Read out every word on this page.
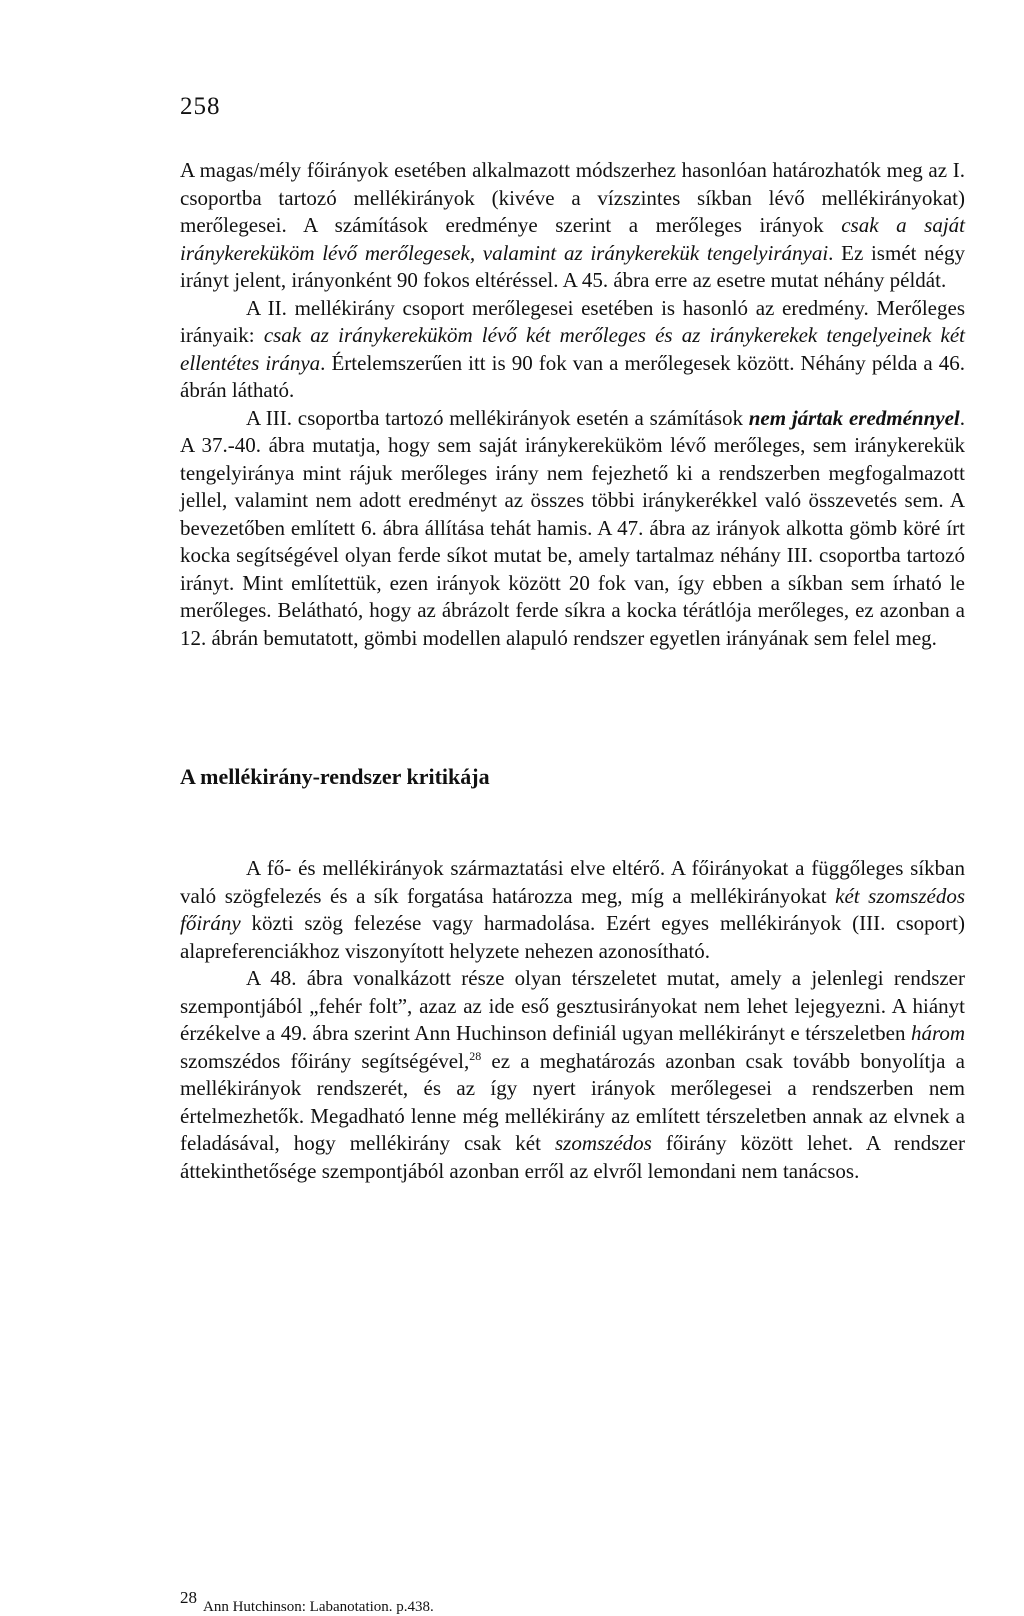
258

A magas/mély főirányok esetében alkalmazott módszerhez hasonlóan határozhatók meg az I. csoportba tartozó mellékirányok (kivéve a vízszintes síkban lévő mellékirányokat) merőlegesei. A számítások eredménye szerint a merőleges irányok csak a saját iránykereküköm lévő merőlegesek, valamint az iránykerekük tengelyirányai. Ez ismét négy irányt jelent, irányonként 90 fokos eltéréssel. A 45. ábra erre az esetre mutat néhány példát.

A II. mellékirány csoport merőlegesei esetében is hasonló az eredmény. Merőleges irányaik: csak az iránykereküköm lévő két merőleges és az iránykerekek tengelyeinek két ellentétes iránya. Értelemszerűen itt is 90 fok van a merőlegesek között. Néhány példa a 46. ábrán látható.

A III. csoportba tartozó mellékirányok esetén a számítások nem jártak eredménnyel. A 37.-40. ábra mutatja, hogy sem saját iránykereküköm lévő merőleges, sem iránykerekük tengelyiránya mint rájuk merőleges irány nem fejezhető ki a rendszerben megfogalmazott jellel, valamint nem adott eredményt az összes többi iránykerékkel való összevetés sem. A bevezetőben említett 6. ábra állítása tehát hamis. A 47. ábra az irányok alkotta gömb köré írt kocka segítségével olyan ferde síkot mutat be, amely tartalmaz néhány III. csoportba tartozó irányt. Mint említettük, ezen irányok között 20 fok van, így ebben a síkban sem írható le merőleges. Belátható, hogy az ábrázolt ferde síkra a kocka térátlója merőleges, ez azonban a 12. ábrán bemutatott, gömbi modellen alapuló rendszer egyetlen irányának sem felel meg.

A mellékirány-rendszer kritikája

A fő- és mellékirányok származtatási elve eltérő. A főirányokat a függőleges síkban való szögfelezés és a sík forgatása határozza meg, míg a mellékirányokat két szomszédos főirány közti szög felezése vagy harmadolása. Ezért egyes mellékirányok (III. csoport) alapreferenciákhoz viszonyított helyzete nehezen azonosítható.

A 48. ábra vonalkázott része olyan térszeletet mutat, amely a jelenlegi rendszer szempontjából „fehér folt”, azaz az ide eső gesztusirányokat nem lehet lejegyezni. A hiányt érzékelve a 49. ábra szerint Ann Huchinson definiál ugyan mellékirányt e térszeletben három szomszédos főirány segítségével,$^{28}$ ez a meghatározás azonban csak tovább bonyolítja a mellékirányok rendszerét, és az így nyert irányok merőlegesei a rendszerben nem értelmezhetők. Megadható lenne még mellékirány az említett térszeletben annak az elvnek a feladásával, hogy mellékirány csak két szomszédos főirány között lehet. A rendszer áttekinthetősége szempontjából azonban erről az elvről lemondani nem tanácsos.

28 Ann Hutchinson: Labanotation. p.438.
